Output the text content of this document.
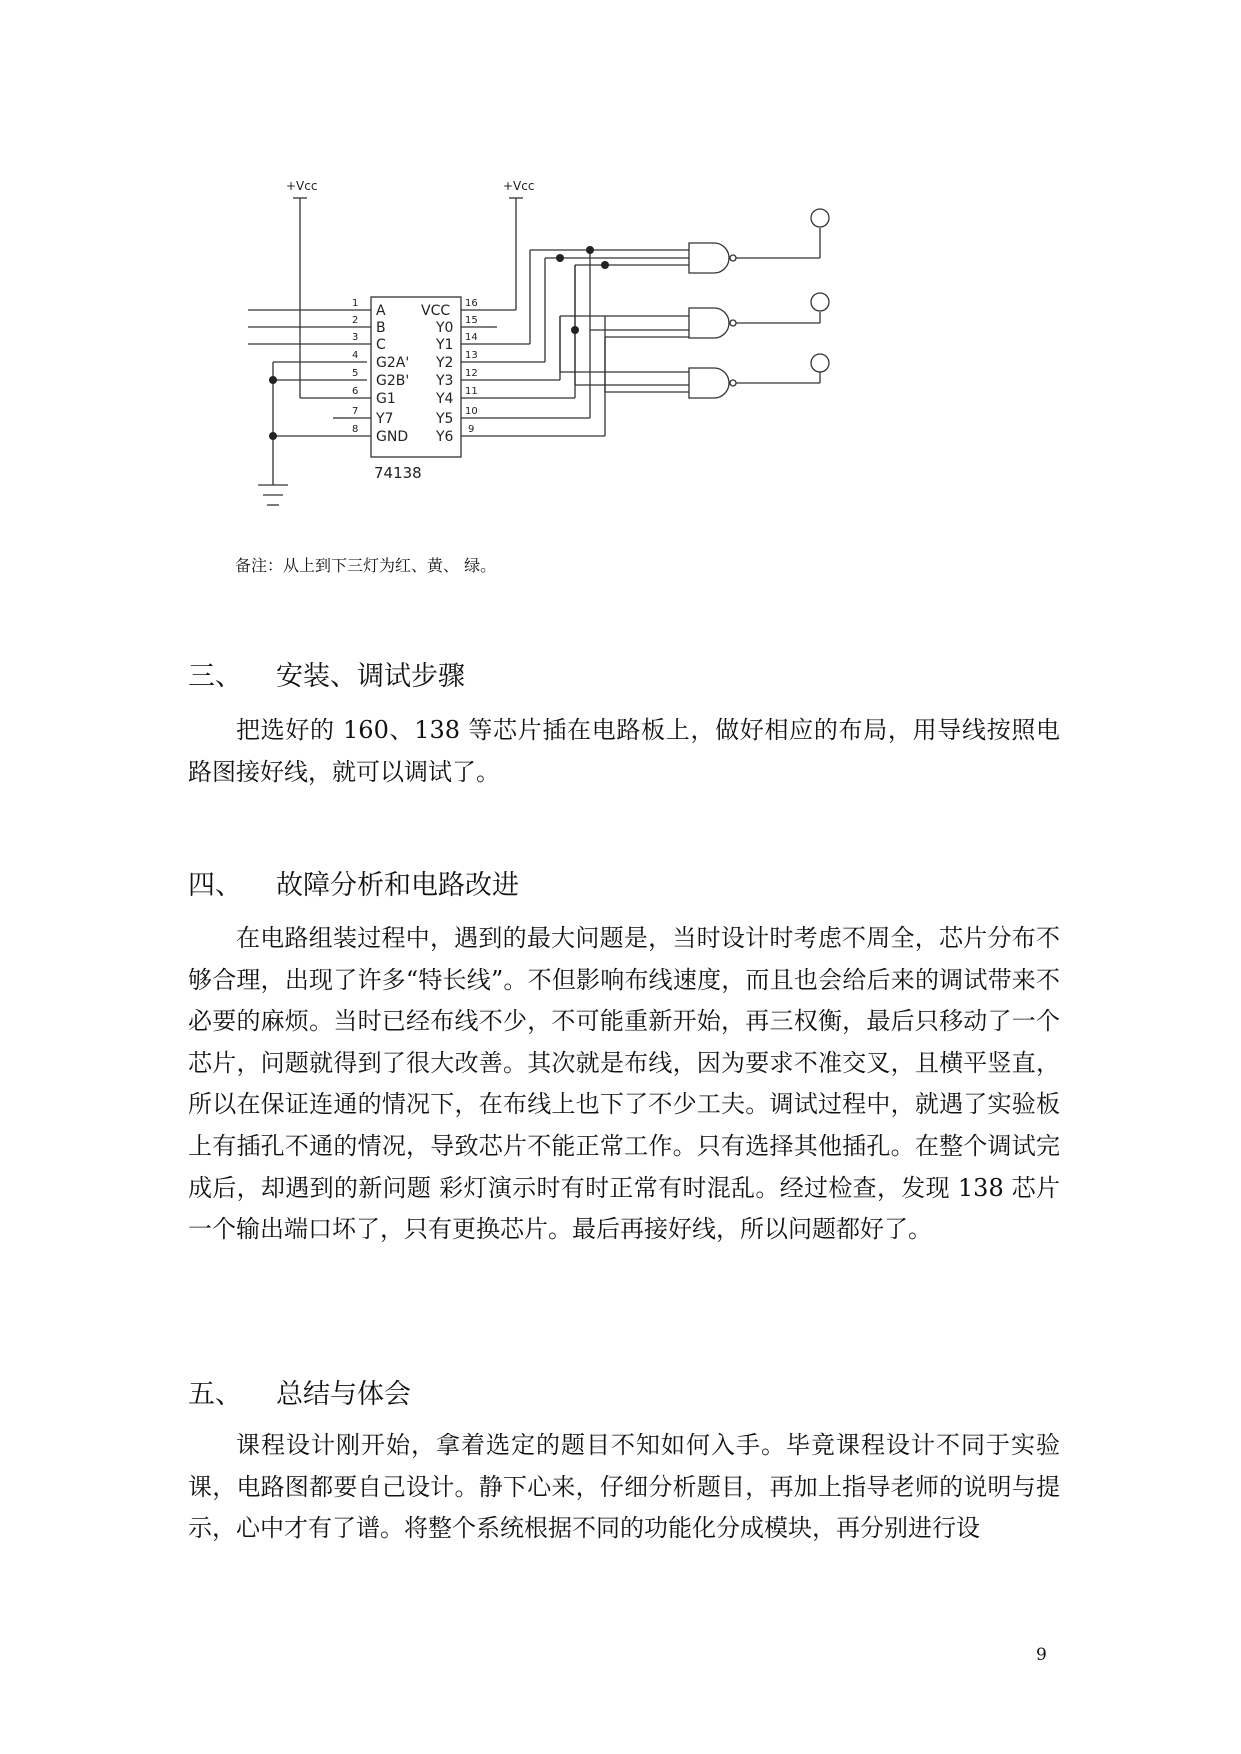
+Vcc	+Vcc
74138
1
2
3
4
5
6
7
8
A
B
C
G2A'
G2B'
G1
Y7
GND
VCC
Y0
Y1
Y2
Y3
Y4
Y5
Y6
16
15
14
13
12
11
10
9
备注：从上到下三灯为红、黄、 绿。
三、 安装、调试步骤

把选好的 160、138 等芯片插在电路板上，做好相应的布局，用导线按照电路图接好线，就可以调试了。

四、 故障分析和电路改进

在电路组装过程中，遇到的最大问题是，当时设计时考虑不周全，芯片分布不够合理，出现了许多“特长线”。不但影响布线速度，而且也会给后来的调试带来不必要的麻烦。当时已经布线不少，不可能重新开始，再三权衡，最后只移动了一个芯片，问题就得到了很大改善。其次就是布线，因为要求不准交叉，且横平竖直，所以在保证连通的情况下，在布线上也下了不少工夫。调试过程中，就遇了实验板上有插孔不通的情况，导致芯片不能正常工作。只有选择其他插孔。在整个调试完成后，却遇到的新问题 彩灯演示时有时正常有时混乱。经过检查，发现 138 芯片一个输出端口坏了，只有更换芯片。最后再接好线，所以问题都好了。

五、 总结与体会

课程设计刚开始，拿着选定的题目不知如何入手。毕竟课程设计不同于实验课，电路图都要自己设计。静下心来，仔细分析题目，再加上指导老师的说明与提示，心中才有了谱。将整个系统根据不同的功能化分成模块，再分别进行设

9
